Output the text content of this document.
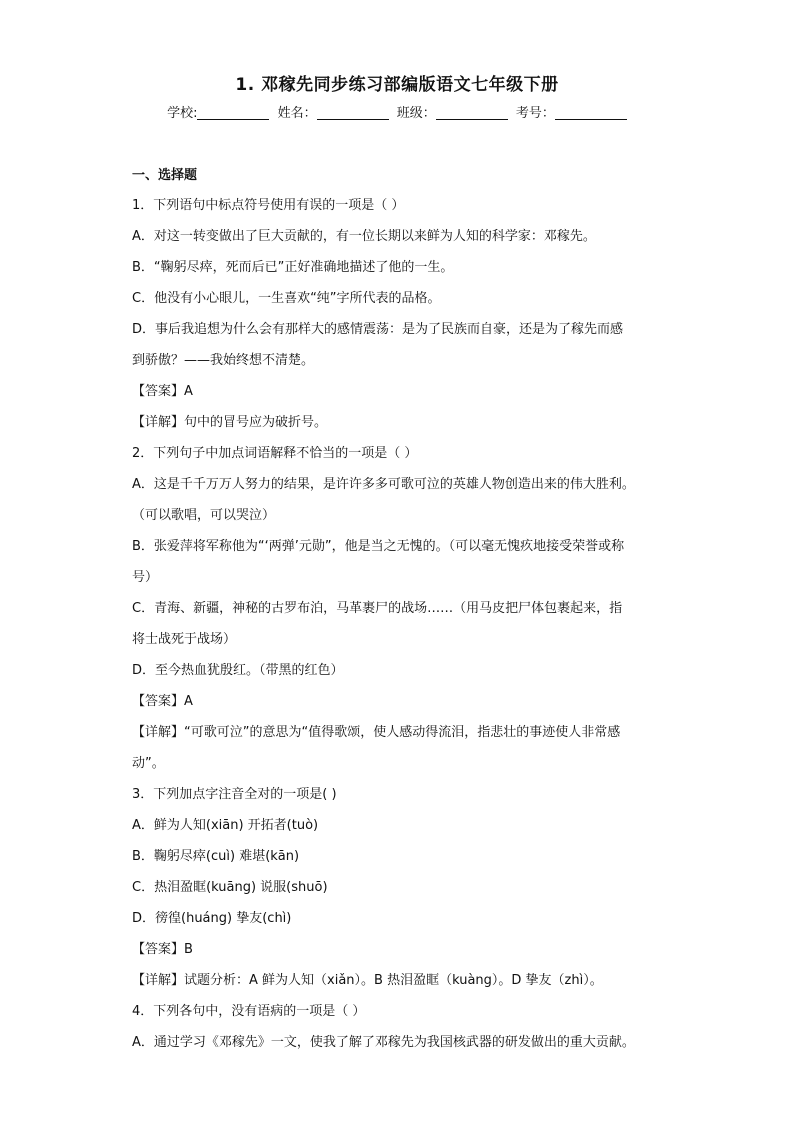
1. 邓稼先同步练习部编版语文七年级下册
学校:	姓名：	班级：	考号：
一、选择题
1．下列语句中标点符号使用有误的一项是（ ）
A．对这一转变做出了巨大贡献的，有一位长期以来鲜为人知的科学家：邓稼先。
B．“鞠躬尽瘁，死而后已”正好准确地描述了他的一生。
C．他没有小心眼儿，一生喜欢“纯”字所代表的品格。
D．事后我追想为什么会有那样大的感情震荡：是为了民族而自豪，还是为了稼先而感
到骄傲？——我始终想不清楚。
【答案】A
【详解】句中的冒号应为破折号。
2．下列句子中加点词语解释不恰当的一项是（ ）
A．这是千千万万人努力的结果，是许许多多可歌可泣的英雄人物创造出来的伟大胜利。
（可以歌唱，可以哭泣）
B．张爱萍将军称他为“‘两弹’元勋”，他是当之无愧的。（可以毫无愧疚地接受荣誉或称
号）
C．青海、新疆，神秘的古罗布泊，马革裹尸的战场……（用马皮把尸体包裹起来，指
将士战死于战场）
D．至今热血犹殷红。（带黑的红色）
【答案】A
【详解】“可歌可泣”的意思为“值得歌颂，使人感动得流泪，指悲壮的事迹使人非常感
动”。
3．下列加点字注音全对的一项是( )
A．鲜为人知(xiān) 开拓者(tuò)
B．鞠躬尽瘁(cuì) 难堪(kān)
C．热泪盈眶(kuāng) 说服(shuō)
D．徬徨(huáng) 挚友(chì)
【答案】B
【详解】试题分析：A 鲜为人知（xiǎn）。B 热泪盈眶（kuàng）。D 挚友（zhì）。
4．下列各句中，没有语病的一项是（ ）
A．通过学习《邓稼先》一文，使我了解了邓稼先为我国核武器的研发做出的重大贡献。
